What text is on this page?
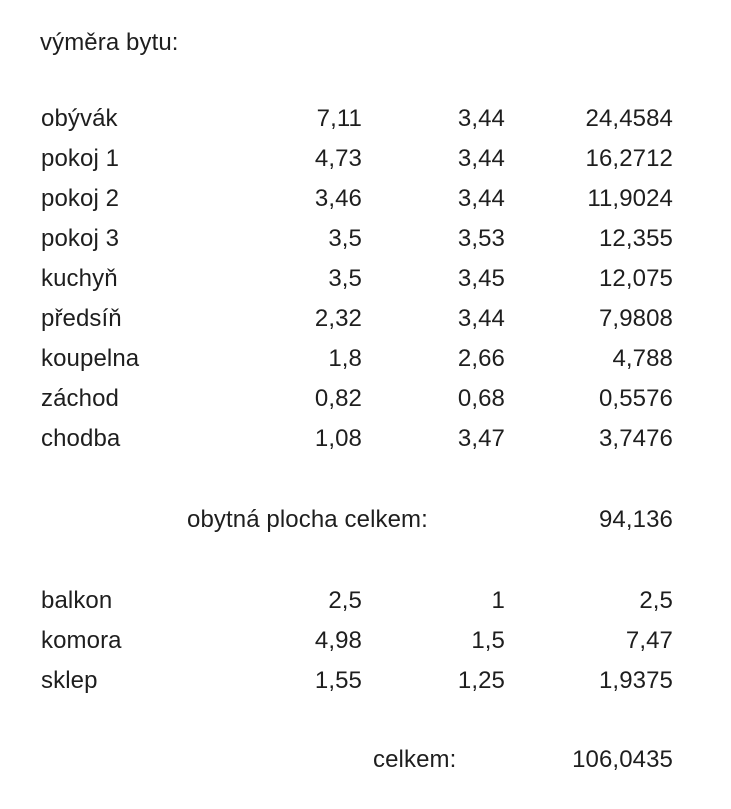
výměra bytu:
obývák	7,11	3,44	24,4584
pokoj 1	4,73	3,44	16,2712
pokoj 2	3,46	3,44	11,9024
pokoj 3	3,5	3,53	12,355
kuchyň	3,5	3,45	12,075
předsíň	2,32	3,44	7,9808
koupelna	1,8	2,66	4,788
záchod	0,82	0,68	0,5576
chodba	1,08	3,47	3,7476
obytná plocha celkem:	94,136
balkon	2,5	1	2,5
komora	4,98	1,5	7,47
sklep	1,55	1,25	1,9375
celkem:	106,0435
